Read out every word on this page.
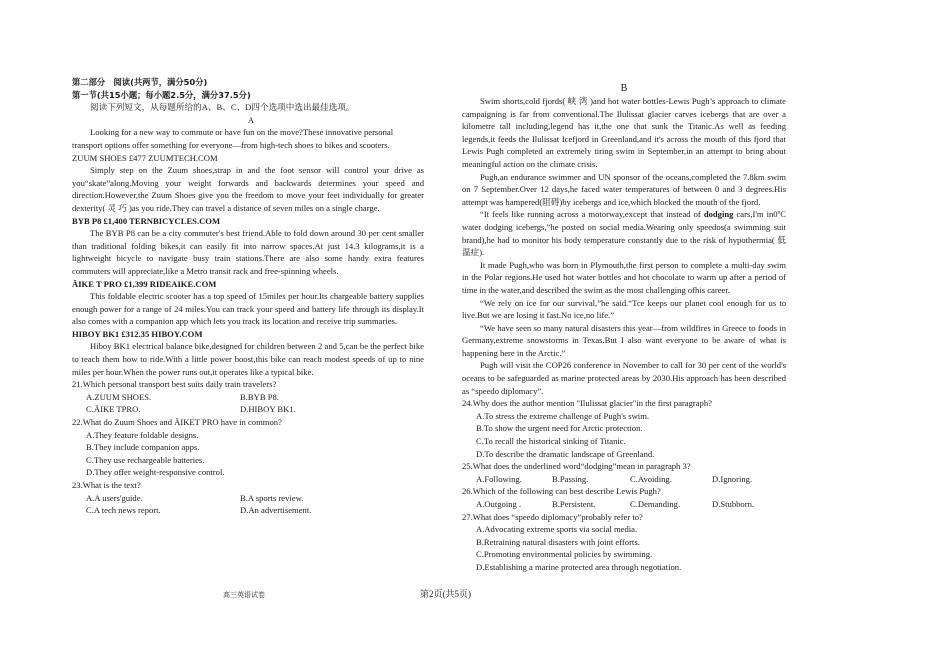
第二部分　阅读(共两节，满分50分)

第一节(共15小题；每小题2.5分，满分37.5分)

阅读下列短文，从每题所给的A、B、C、D四个选项中选出最佳选项。

A

Looking for a new way to commute or have fun on the move?These innovative personal transport options offer something for everyone—from high-tech shoes to bikes and scooters.

ZUUM SHOES £477 ZUUMTECH.COM

Simply step on the Zuum shoes,strap in and the foot sensor will control your drive as you“skate”along.Moving your weight forwards and backwards determines your speed and direction.However,the Zuum Shoes give you the freedom to move your feet individually for greater dexterity( 灵 巧 )as you ride.They can travel a distance of seven miles on a single charge.

BYB P8 £1,400 TERNBICYCLES.COM

The BYB P8 can be a city commuter's best friend.Able to fold down around 30 per cent smaller than traditional folding bikes,it can easily fit into narrow spaces.At just 14.3 kilograms,it is a lightweight bicycle to navigate busy train stations.There are also some handy extra features commuters will appreciate,like a Metro transit rack and free-spinning wheels.

ÄIKE T PRO £1,399 RIDEAIKE.COM

This foldable electric scooter has a top speed of 15miles per hour.Its chargeable battery supplies enough power for a range of 24 miles.You can track your speed and battery life through its display.It also comes with a companion app which lets you track its location and receive trip summaries.

HIBOY BK1 £312.35 HIBOY.COM

Hiboy BK1 electrical balance bike,designed for children between 2 and 5,can be the perfect bike to teach them how to ride.With a little power boost,this bike can reach modest speeds of up to nine miles per hour.When the power runs out,it operates like a typical bike.

21.Which personal transport best suits daily train travelers?

A.ZUUM SHOES.	B.BYB P8.
C.ÄIKE TPRO.	D.HIBOY BK1.

22.What do Zuum Shoes and ÄIKET PRO have in common?

A.They feature foldable designs.

B.They include companion apps.

C.They use rechargeable batteries.

D.They offer weight-responsive control.

23.What is the text?

A.A users'guide.	B.A sports review.
C.A tech news report.	D.An advertisement.

B

Swim shorts,cold fjords( 峡 湾 )and hot water bottles-Lewis Pugh’s approach to climate campaigning is far from conventional.The Ilulissat glacier carves icebergs that are over a kilometre tall including,legend has it,the one that sunk the Titanic.As well as feeding legends,it feeds the Ilulissat Icefjord in Greenland,and it's across the mouth of this fjord that Lewis Pugh completed an extremely tiring swim in September,in an attempt to bring about meaningful action on the climate crisis.

Pugh,an endurance swimmer and UN sponsor of the oceans,completed the 7.8km swim on 7 September.Over 12 days,he faced water temperatures of between 0 and 3 degrees.His attempt was hampered(阻碍)by icebergs and ice,which blocked the mouth of the fjord.

“It feels like running across a motorway,except that instead of dodging cars,I'm in0ºC water dodging icebergs,”he posted on social media.Wearing only speedos(a swimming suit brand),he had to monitor his body temperature constantly due to the risk of hypothermia( 低 温症).

It made Pugh,who was born in Plymouth,the first person to complete a multi-day swim in the Polar regions.He used hot water bottles and hot chocolate to warm up after a period of time in the water,and described the swim as the most challenging ofhis career.

“We rely on ice for our survival,”he said.“Tce keeps our planet cool enough for us to live.But we are losing it fast.No ice,no life.”

“We have seen so many natural disasters this year—from wildfires in Greece to foods in Germany,extreme snowstorms in Texas.But I also want everyone to be aware of what is happening here in the Arctic.”

Pugh will visit the COP26 conference in November to call for 30 per cent of the world's oceans to be safeguarded as marine protected areas by 2030.His approach has been described as “speedo diplomacy”.

24.Why does the author mention "Ilulissat glacier"in the first paragraph?

A.To stress the extreme challenge of Pugh's swim.

B.To show the urgent need for Arctic protection.

C.To recall the historical sinking of Titanic.

D.To describe the dramatic landscape of Greenland.

25.What does the underlined word“dodging”mean in paragraph 3?

A.Following.	B.Passing.	C.Avoiding.	D.Ignoring.

26.Which of the following can best describe Lewis Pugh?

A.Outgoing .	B.Persistent.	C.Demanding.	D.Stubborn.

27.What does “speedo diplomacy”probably refer to?

A.Advocating extreme sports via social media.

B.Retraining natural disasters with joint efforts.

C.Promoting environmental policies by swimming.

D.Establishing a marine protected area through negotiation.

高三英语试卷	第2页(共5页)
